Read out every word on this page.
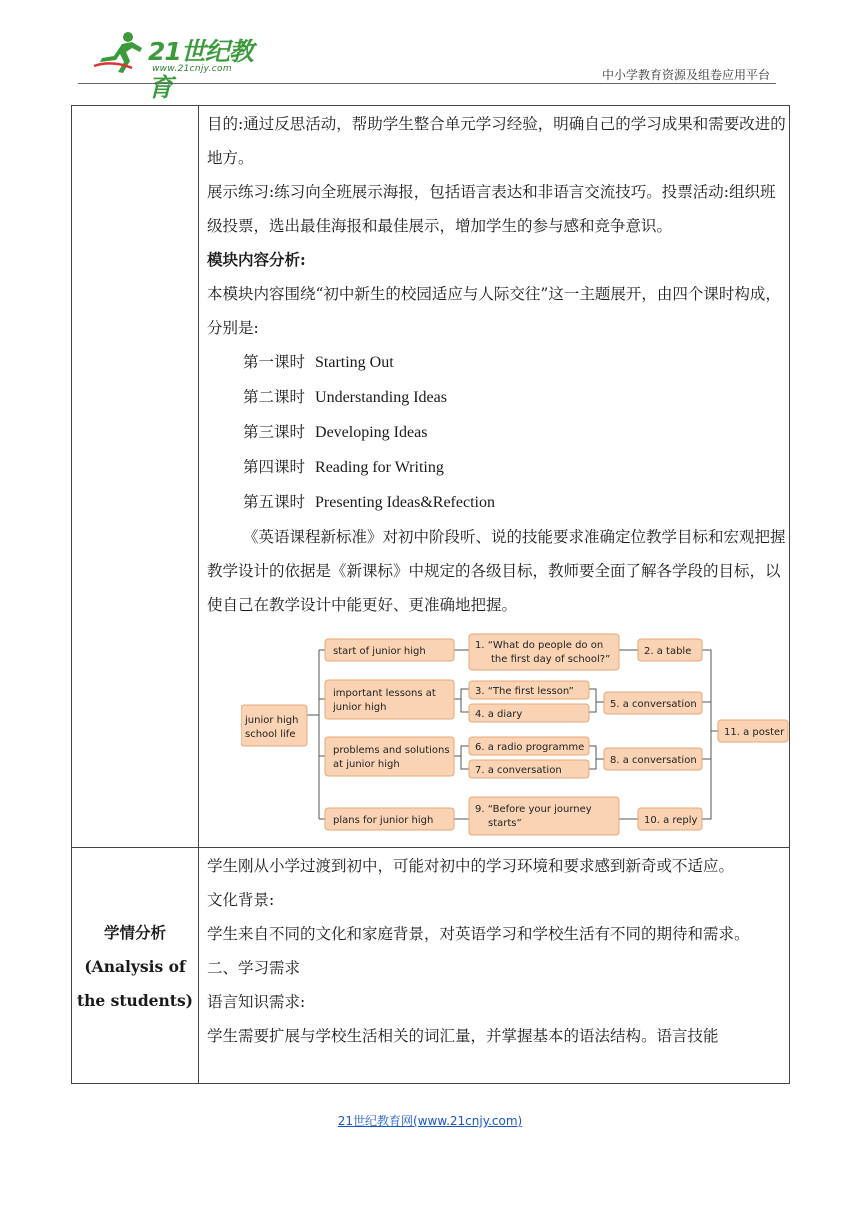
21世纪教育
www.21cnjy.com	中小学教育资源及组卷应用平台

目的:通过反思活动，帮助学生整合单元学习经验，明确自己的学习成果和需要改进的地方。

展示练习:练习向全班展示海报，包括语言表达和非语言交流技巧。投票活动:组织班级投票，选出最佳海报和最佳展示，增加学生的参与感和竞争意识。

模块内容分析:

本模块内容围绕“初中新生的校园适应与人际交往”这一主题展开，由四个课时构成，分别是:

第一课时 Starting Out

第二课时 Understanding Ideas

第三课时 Developing Ideas

第四课时 Reading for Writing

第五课时 Presenting Ideas&Refection

《英语课程新标准》对初中阶段听、说的技能要求准确定位教学目标和宏观把握教学设计的依据是《新课标》中规定的各级目标，教师要全面了解各学段的目标，以使自己在教学设计中能更好、更准确地把握。

junior high
school life
start of junior high
important lessons at
junior high
problems and solutions
at junior high
plans for junior high
1. “What do people do on
the first day of school?”
3. “The first lesson”
4. a diary
6. a radio programme
7. a conversation
9. “Before your journey
starts”
2. a table
5. a conversation
8. a conversation
10. a reply
11. a poster
学情分析
(Analysis of
the students)

学生刚从小学过渡到初中，可能对初中的学习环境和要求感到新奇或不适应。

文化背景:

学生来自不同的文化和家庭背景，对英语学习和学校生活有不同的期待和需求。

二、学习需求

语言知识需求:

学生需要扩展与学校生活相关的词汇量，并掌握基本的语法结构。语言技能

21世纪教育网(www.21cnjy.com)
